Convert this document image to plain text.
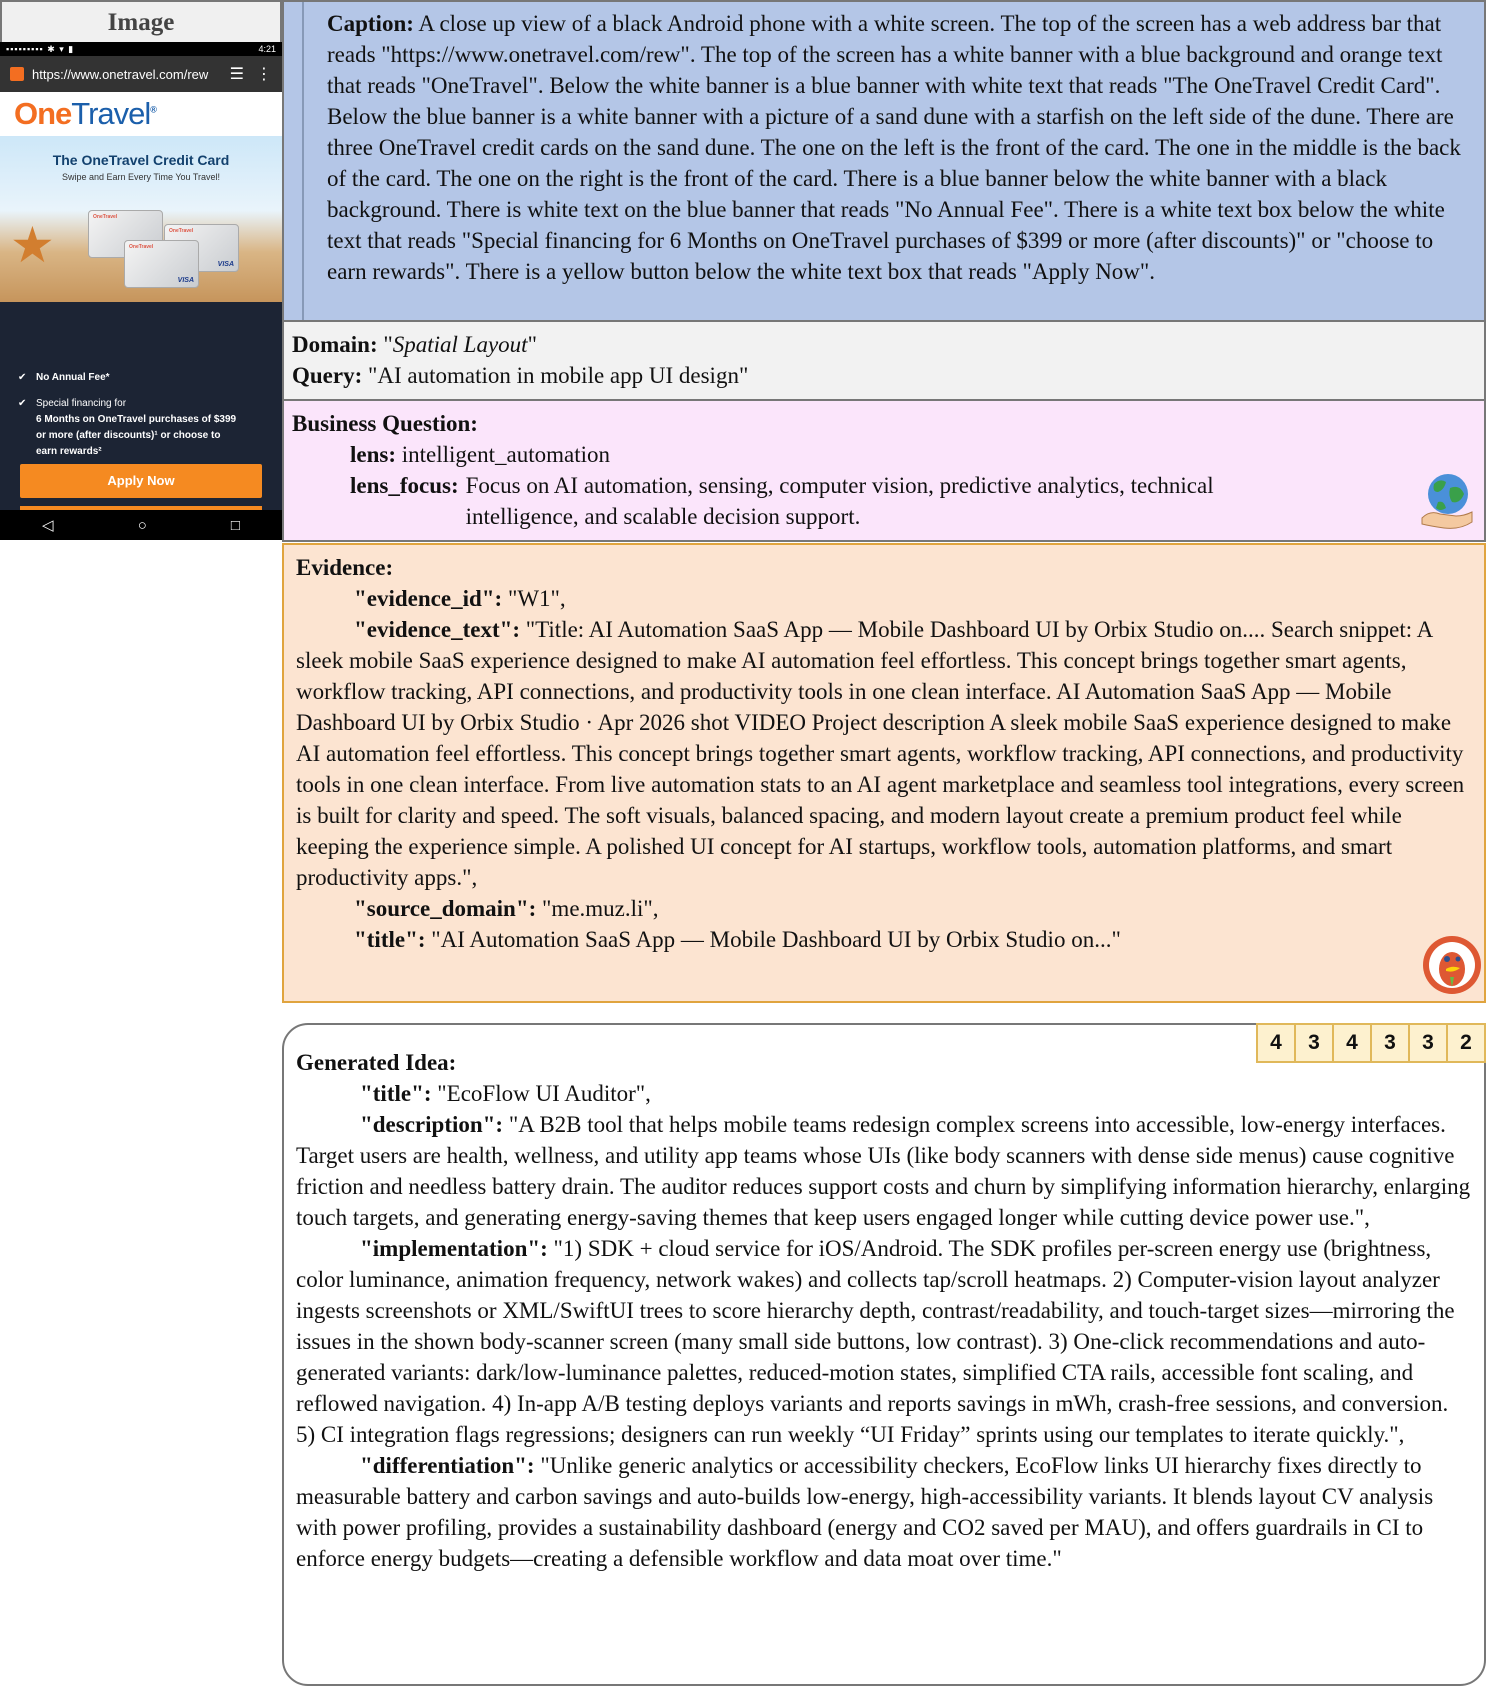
Image
▪▪▪▪▪▪▪▪▪ ✱ ▾ ▮	4:21
https://www.onetravel.com/rew	☰ ⋮
OneTravel®
The OneTravel Credit Card
Swipe and Earn Every Time You Travel!
★	OneTravel
OneTravel
VISA
OneTravel
VISA
✔ No Annual Fee*
✔ Special financing for
6 Months on OneTravel purchases of $399
or more (after discounts)¹ or choose to
earn rewards²
Apply Now
◁	○	□
Caption: A close up view of a black Android phone with a white screen. The top of the screen has a web address bar that reads "https://www.onetravel.com/rew". The top of the screen has a white banner with a blue background and orange text that reads "OneTravel". Below the white banner is a blue banner with white text that reads "The OneTravel Credit Card". Below the blue banner is a white banner with a picture of a sand dune with a starfish on the left side of the dune. There are three OneTravel credit cards on the sand dune. The one on the left is the front of the card. The one in the middle is the back of the card. The one on the right is the front of the card. There is a blue banner below the white banner with a black background. There is white text on the blue banner that reads "No Annual Fee". There is a white text box below the white text that reads "Special financing for 6 Months on OneTravel purchases of $399 or more (after discounts)" or "choose to earn rewards". There is a yellow button below the white text box that reads "Apply Now".
Domain: "Spatial Layout"
Query: "AI automation in mobile app UI design"
Business Question:
lens: intelligent_automation
lens_focus: Focus on AI automation, sensing, computer vision, predictive analytics, technical intelligence, and scalable decision support.
Evidence:
"evidence_id": "W1",
"evidence_text": "Title: AI Automation SaaS App — Mobile Dashboard UI by Orbix Studio on.... Search snippet: A sleek mobile SaaS experience designed to make AI automation feel effortless. This concept brings together smart agents, workflow tracking, API connections, and productivity tools in one clean interface. AI Automation SaaS App — Mobile Dashboard UI by Orbix Studio · Apr 2026 shot VIDEO Project description A sleek mobile SaaS experience designed to make AI automation feel effortless. This concept brings together smart agents, workflow tracking, API connections, and productivity tools in one clean interface. From live automation stats to an AI agent marketplace and seamless tool integrations, every screen is built for clarity and speed. The soft visuals, balanced spacing, and modern layout create a premium product feel while keeping the experience simple. A polished UI concept for AI startups, workflow tools, automation platforms, and smart productivity apps.",
"source_domain": "me.muz.li",
"title": "AI Automation SaaS App — Mobile Dashboard UI by Orbix Studio on..."
4	3	4	3	3	2
Generated Idea:
"title": "EcoFlow UI Auditor",
"description": "A B2B tool that helps mobile teams redesign complex screens into accessible, low-energy interfaces. Target users are health, wellness, and utility app teams whose UIs (like body scanners with dense side menus) cause cognitive friction and needless battery drain. The auditor reduces support costs and churn by simplifying information hierarchy, enlarging touch targets, and generating energy-saving themes that keep users engaged longer while cutting device power use.",
"implementation": "1) SDK + cloud service for iOS/Android. The SDK profiles per-screen energy use (brightness, color luminance, animation frequency, network wakes) and collects tap/scroll heatmaps. 2) Computer-vision layout analyzer ingests screenshots or XML/SwiftUI trees to score hierarchy depth, contrast/readability, and touch-target sizes—mirroring the issues in the shown body-scanner screen (many small side buttons, low contrast). 3) One-click recommendations and auto-generated variants: dark/low-luminance palettes, reduced-motion states, simplified CTA rails, accessible font scaling, and reflowed navigation. 4) In-app A/B testing deploys variants and reports savings in mWh, crash-free sessions, and conversion. 5) CI integration flags regressions; designers can run weekly “UI Friday” sprints using our templates to iterate quickly.",
"differentiation": "Unlike generic analytics or accessibility checkers, EcoFlow links UI hierarchy fixes directly to measurable battery and carbon savings and auto-builds low-energy, high-accessibility variants. It blends layout CV analysis with power profiling, provides a sustainability dashboard (energy and CO2 saved per MAU), and offers guardrails in CI to enforce energy budgets—creating a defensible workflow and data moat over time."
